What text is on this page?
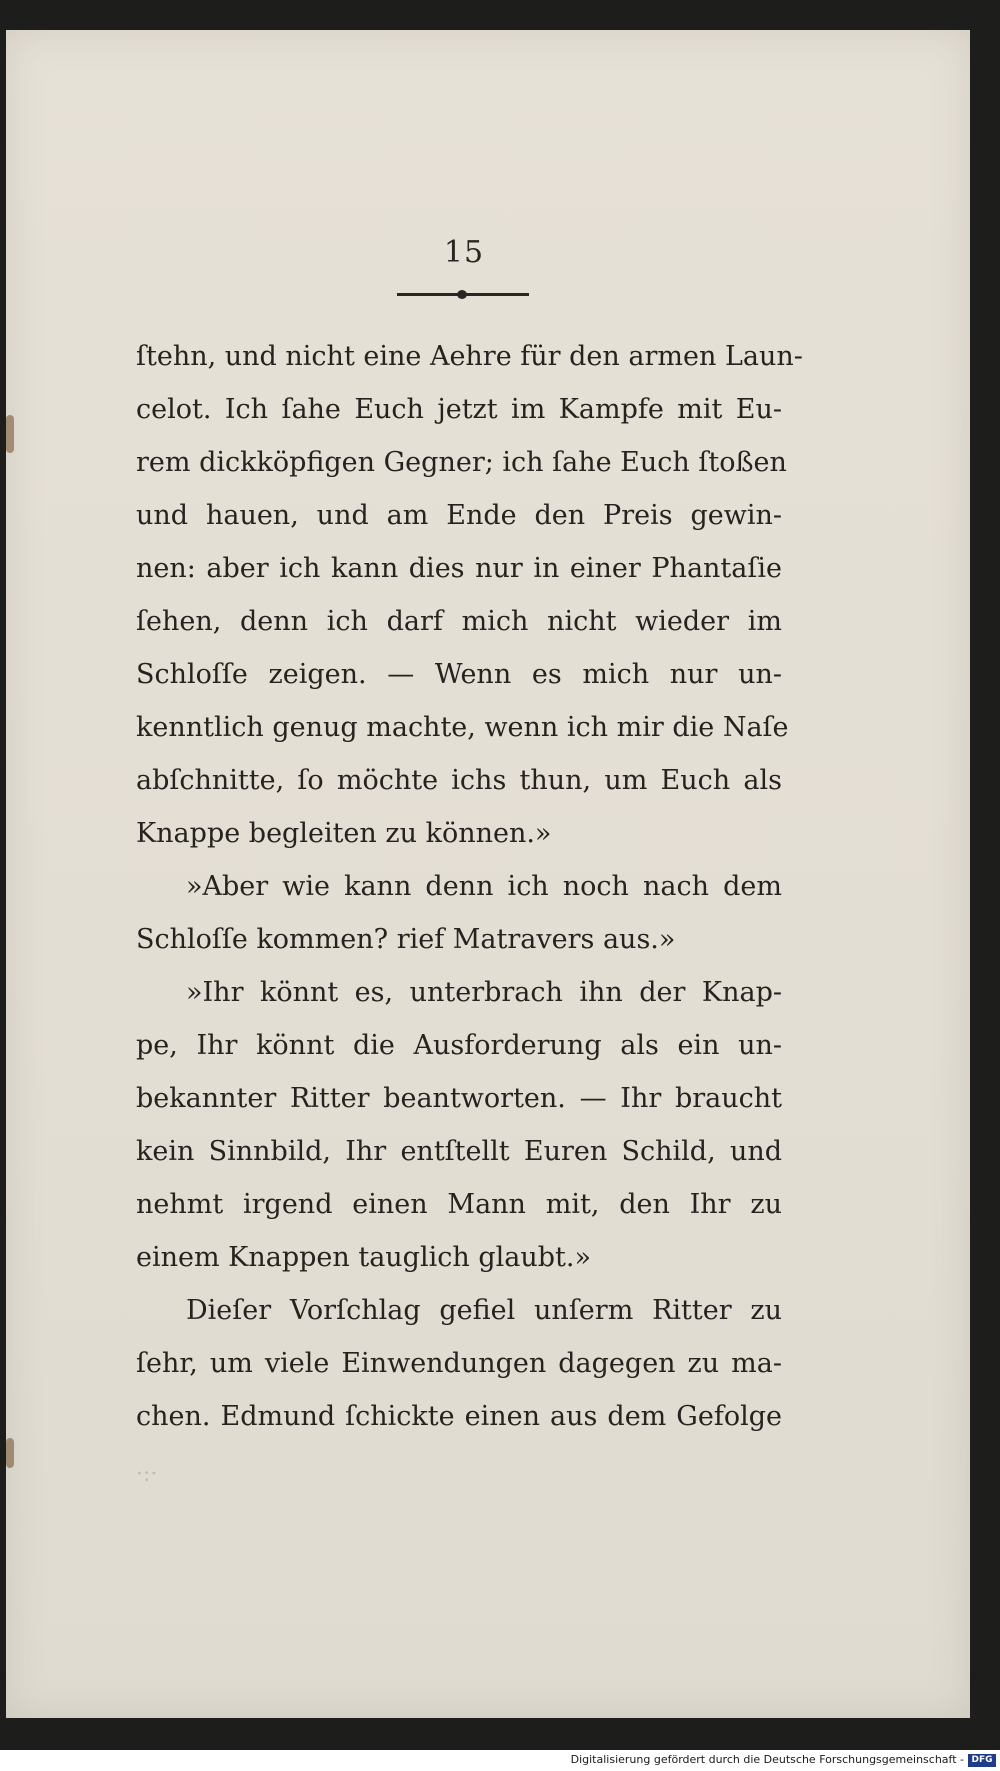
15
ſtehn, und nicht eine Aehre für den armen Laun-
celot. Ich ſahe Euch jetzt im Kampfe mit Eu-
rem dickköpfigen Gegner; ich ſahe Euch ſtoßen
und hauen, und am Ende den Preis gewin-
nen: aber ich kann dies nur in einer Phantaſie
ſehen, denn ich darf mich nicht wieder im
Schloſſe zeigen. — Wenn es mich nur un-
kenntlich genug machte, wenn ich mir die Naſe
abſchnitte, ſo möchte ichs thun, um Euch als
Knappe begleiten zu können.»
»Aber wie kann denn ich noch nach dem
Schloſſe kommen? rief Matravers aus.»
»Ihr könnt es, unterbrach ihn der Knap-
pe, Ihr könnt die Ausforderung als ein un-
bekannter Ritter beantworten. — Ihr braucht
kein Sinnbild, Ihr entſtellt Euren Schild, und
nehmt irgend einen Mann mit, den Ihr zu
einem Knappen tauglich glaubt.»
Dieſer Vorſchlag gefiel unſerm Ritter zu
ſehr, um viele Einwendungen dagegen zu ma-
chen. Edmund ſchickte einen aus dem Gefolge
·:·
Digitalisierung gefördert durch die Deutsche Forschungsgemeinschaft - DFG
